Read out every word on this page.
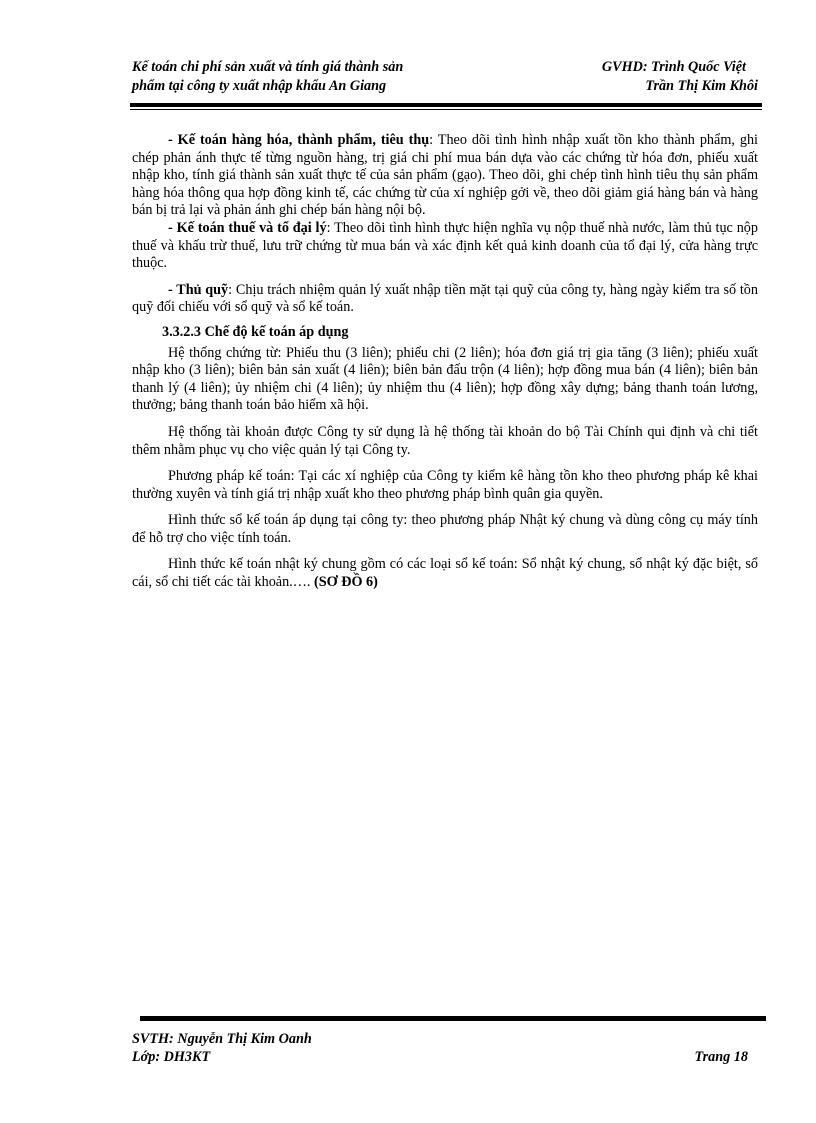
Kế toán chi phí sản xuất và tính giá thành sản
phẩm tại công ty xuất nhập khẩu An Giang
GVHD: Trình Quốc Việt
Trần Thị Kim Khôi

- Kế toán hàng hóa, thành phẩm, tiêu thụ: Theo dõi tình hình nhập xuất tồn kho thành phẩm, ghi chép phản ánh thực tế từng nguồn hàng, trị giá chi phí mua bán dựa vào các chứng từ hóa đơn, phiếu xuất nhập kho, tính giá thành sản xuất thực tế của sản phẩm (gạo). Theo dõi, ghi chép tình hình tiêu thụ sản phẩm hàng hóa thông qua hợp đồng kinh tế, các chứng từ của xí nghiệp gởi về, theo dõi giảm giá hàng bán và hàng bán bị trả lại và phản ánh ghi chép bán hàng nội bộ.

- Kế toán thuế và tổ đại lý: Theo dõi tình hình thực hiện nghĩa vụ nộp thuế nhà nước, làm thủ tục nộp thuế và khấu trừ thuế, lưu trữ chứng từ mua bán và xác định kết quả kinh doanh của tổ đại lý, cửa hàng trực thuộc.

- Thủ quỹ: Chịu trách nhiệm quản lý xuất nhập tiền mặt tại quỹ của công ty, hàng ngày kiểm tra số tồn quỹ đối chiếu với sổ quỹ và sổ kế toán.

3.3.2.3 Chế độ kế toán áp dụng

Hệ thống chứng từ: Phiếu thu (3 liên); phiếu chi (2 liên); hóa đơn giá trị gia tăng (3 liên); phiếu xuất nhập kho (3 liên); biên bản sản xuất (4 liên); biên bản đấu trộn (4 liên); hợp đồng mua bán (4 liên); biên bản thanh lý (4 liên); ủy nhiệm chi (4 liên); ủy nhiệm thu (4 liên); hợp đồng xây dựng; bảng thanh toán lương, thưởng; bảng thanh toán bảo hiểm xã hội.

Hệ thống tài khoản được Công ty sử dụng là hệ thống tài khoản do bộ Tài Chính qui định và chi tiết thêm nhằm phục vụ cho việc quản lý tại Công ty.

Phương pháp kế toán: Tại các xí nghiệp của Công ty kiểm kê hàng tồn kho theo phương pháp kê khai thường xuyên và tính giá trị nhập xuất kho theo phương pháp bình quân gia quyền.

Hình thức sổ kế toán áp dụng tại công ty: theo phương pháp Nhật ký chung và dùng công cụ máy tính để hỗ trợ cho việc tính toán.

Hình thức kế toán nhật ký chung gồm có các loại sổ kế toán: Sổ nhật ký chung, sổ nhật ký đặc biệt, sổ cái, sổ chi tiết các tài khoản.…. (SƠ ĐỒ 6)

SVTH: Nguyễn Thị Kim Oanh
Lớp: DH3KT	Trang 18
